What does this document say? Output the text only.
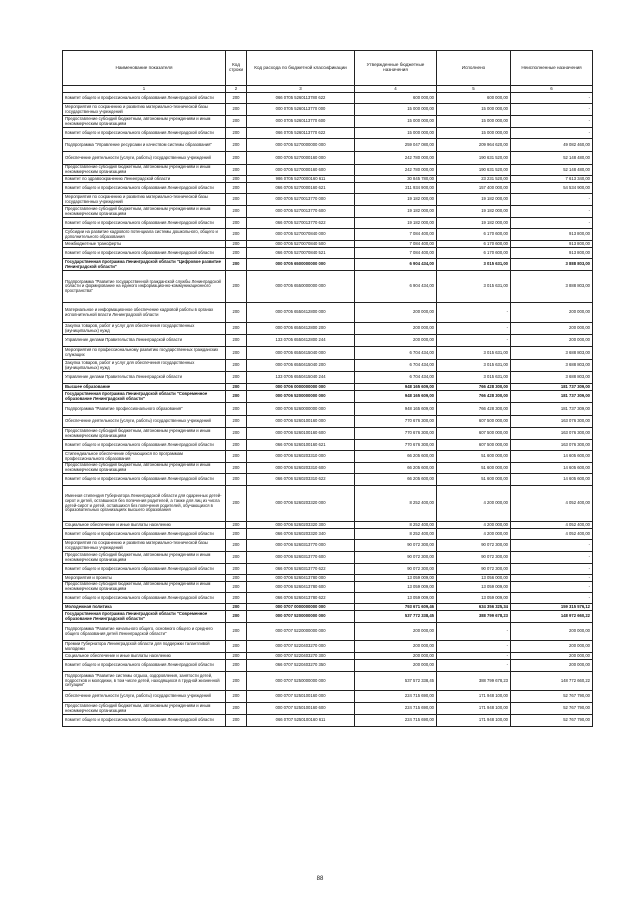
Наименование показателя	Код строки	Код расхода по бюджетной классификации	Утвержденные бюджетные назначения	Исполнено	Неисполненные назначения
1	2	3	4	5	6
Комитет общего и профессионального образования Ленинградской области	200	066 0705 5260113780 622	600 000,00	600 000,00	-
Мероприятия по сохранению и развитию материально-технической базы государственных учреждений	200	000 0705 5260113770 000	15 000 000,00	15 000 000,00	-
Предоставление субсидий бюджетным, автономным учреждениям и иным некоммерческим организациям	200	000 0705 5260113770 600	15 000 000,00	15 000 000,00	-
Комитет общего и профессионального образования Ленинградской области	200	066 0705 5260113770 622	15 000 000,00	15 000 000,00	-
Подпрограмма "Управление ресурсами и качеством системы образования"	200	000 0705 5270000000 000	259 047 080,00	209 964 620,00	49 082 460,00
Обеспечение деятельности (услуги, работы) государственных учреждений	200	000 0705 5270000160 000	242 780 000,00	190 631 520,00	52 148 480,00
Предоставление субсидий бюджетным, автономным учреждениям и иным некоммерческим организациям	200	000 0705 5270000160 600	242 780 000,00	190 631 520,00	52 148 480,00
Комитет по здравоохранению Ленинградской области	200	986 0705 5270000160 611	30 845 780,00	23 231 520,00	7 613 340,00
Комитет общего и профессионального образования Ленинградской области	200	066 0705 5270000160 621	211 934 900,00	157 400 000,00	54 534 900,00
Мероприятия по сохранению и развитию материально-технической базы государственных учреждений	200	000 0705 5270013770 000	19 182 000,00	19 182 000,00	-
Предоставление субсидий бюджетным, автономным учреждениям и иным некоммерческим организациям	200	000 0705 5270013770 600	19 182 000,00	19 182 000,00	-
Комитет общего и профессионального образования Ленинградской области	200	066 0705 5270013770 622	19 182 000,00	19 182 000,00	-
Субсидии на развитие кадрового потенциала системы дошкольного, общего и дополнительного образования	200	000 0705 5270070840 000	7 084 400,00	6 170 600,00	913 800,00
Межбюджетные трансферты	200	000 0705 5270070840 500	7 084 400,00	6 170 600,00	913 800,00
Комитет общего и профессионального образования Ленинградской области	200	066 0705 5270070840 521	7 084 400,00	6 170 600,00	913 800,00
Государственная программа Ленинградской области "Цифровое развитие Ленинградской области"	200	000 0705 6500000000 000	6 904 434,00	3 015 631,00	3 888 803,00
Подпрограмма "Развитие государственной гражданской службы Ленинградской области и формирование на единого информационно-коммуникационного пространства"	200	000 0705 6550000000 000	6 904 434,00	3 015 631,00	3 888 803,00
Материальное и информационное обеспечение кадровой работы в органах исполнительной власти Ленинградской области	200	000 0705 6550412800 000	200 000,00	-	200 000,00
Закупка товаров, работ и услуг для обеспечения государственных (муниципальных) нужд	200	000 0705 6550412800 200	200 000,00	-	200 000,00
Управление делами Правительства Ленинградской области	200	133 0705 6550412800 244	200 000,00	-	200 000,00
Мероприятия по профессиональному развитию государственных гражданских служащих	200	000 0705 6550415040 000	6 704 434,00	3 015 631,00	3 688 803,00
Закупка товаров, работ и услуг для обеспечения государственных (муниципальных) нужд	200	000 0705 6550415040 200	6 704 434,00	3 015 631,00	3 688 803,00
Управление делами Правительства Ленинградской области	200	133 0705 6550415040 244	6 704 434,00	3 015 631,00	3 688 803,00
Высшее образование	200	000 0706 0000000000 000	948 165 609,00	766 428 300,00	181 737 309,00
Государственная программа Ленинградской области "Современное образование Ленинградской области"	200	000 0706 5200000000 000	948 165 609,00	766 428 300,00	181 737 309,00
Подпрограмма "Развитие профессионального образования"	200	000 0706 5260000000 000	948 165 609,00	766 428 300,00	181 737 309,00
Обеспечение деятельности (услуги, работы) государственных учреждений	200	000 0706 5260100160 000	770 676 300,00	607 500 000,00	163 076 300,00
Предоставление субсидий бюджетным, автономным учреждениям и иным некоммерческим организациям	200	000 0706 5260100160 600	770 676 300,00	607 500 000,00	163 076 300,00
Комитет общего и профессионального образования Ленинградской области	200	066 0706 5260100160 621	770 676 300,00	607 500 000,00	163 076 300,00
Стипендиальное обеспечение обучающихся по программам профессионального образования	200	000 0706 5260203310 000	66 205 600,00	51 600 000,00	14 605 600,00
Предоставление субсидий бюджетным, автономным учреждениям и иным некоммерческим организациям	200	000 0706 5260203310 600	66 205 600,00	51 600 000,00	14 605 600,00
Комитет общего и профессионального образования Ленинградской области	200	066 0706 5260203310 622	66 205 600,00	51 600 000,00	14 605 600,00
Именная стипендия Губернатора Ленинградской области для одаренных детей-сирот и детей, оставшихся без попечения родителей, а также для лиц из числа детей-сирот и детей, оставшихся без попечения родителей, обучающихся в образовательных организациях высшего образования	200	000 0706 5260203320 000	8 252 400,00	4 200 000,00	4 052 400,00
Социальное обеспечение и иные выплаты населению	200	000 0706 5260203320 300	8 252 400,00	4 200 000,00	4 052 400,00
Комитет общего и профессионального образования Ленинградской области	200	066 0706 5260203320 340	8 252 400,00	4 200 000,00	4 052 400,00
Мероприятия по сохранению и развитию материально-технической базы государственных учреждений	200	000 0706 5260313770 000	90 072 300,00	90 072 300,00	-
Предоставление субсидий бюджетным, автономным учреждениям и иным некоммерческим организациям	200	000 0706 5260313770 600	90 072 300,00	90 072 300,00	-
Комитет общего и профессионального образования Ленинградской области	200	066 0706 5260313770 622	90 072 300,00	90 072 300,00	-
Мероприятия и проекты	200	000 0706 5260413780 000	13 059 009,00	13 056 000,00	-
Предоставление субсидий бюджетным, автономным учреждениям и иным некоммерческим организациям	200	000 0706 5260413780 600	13 059 009,00	13 059 009,00	-
Комитет общего и профессионального образования Ленинградской области	200	066 0706 5260413780 622	13 059 009,00	13 059 009,00	-
Молодежная политика	200	000 0707 0000000000 000	793 671 609,46	634 356 325,34	159 315 576,12
Государственная программа Ленинградской области "Современное образование Ленинградской области"	200	000 0707 5200000000 000	537 772 338,45	388 799 678,23	148 972 660,22
Подпрограмма "Развитие начального общего, основного общего и среднего общего образования детей Ленинградской области"	200	000 0707 5220000000 000	200 000,00	-	200 000,00
Премии Губернатора Ленинградской области для поддержки талантливой молодежи	200	000 0707 5220403270 000	200 000,00	-	200 000,00
Социальное обеспечение и иные выплаты населению	200	000 0707 5220403270 300	200 000,00	-	200 000,00
Комитет общего и профессионального образования Ленинградской области	200	066 0707 5220403270 350	200 000,00	-	200 000,00
Подпрограмма "Развитие системы отдыха, оздоровления, занятости детей, подростков и молодежи, в том числе детей, находящихся в трудной жизненной ситуации"	200	000 0707 5250000000 000	537 572 338,45	388 799 678,23	148 772 660,22
Обеспечение деятельности (услуги, работы) государственных учреждений	200	000 0707 5250100160 000	224 715 690,00	171 948 100,00	52 767 790,00
Предоставление субсидий бюджетным, автономным учреждениям и иным некоммерческим организациям	200	000 0707 5250100160 600	224 715 690,00	171 948 100,00	52 767 790,00
Комитет общего и профессионального образования Ленинградской области	200	066 0707 5250100160 611	224 715 690,00	171 948 100,00	52 767 790,00
88
